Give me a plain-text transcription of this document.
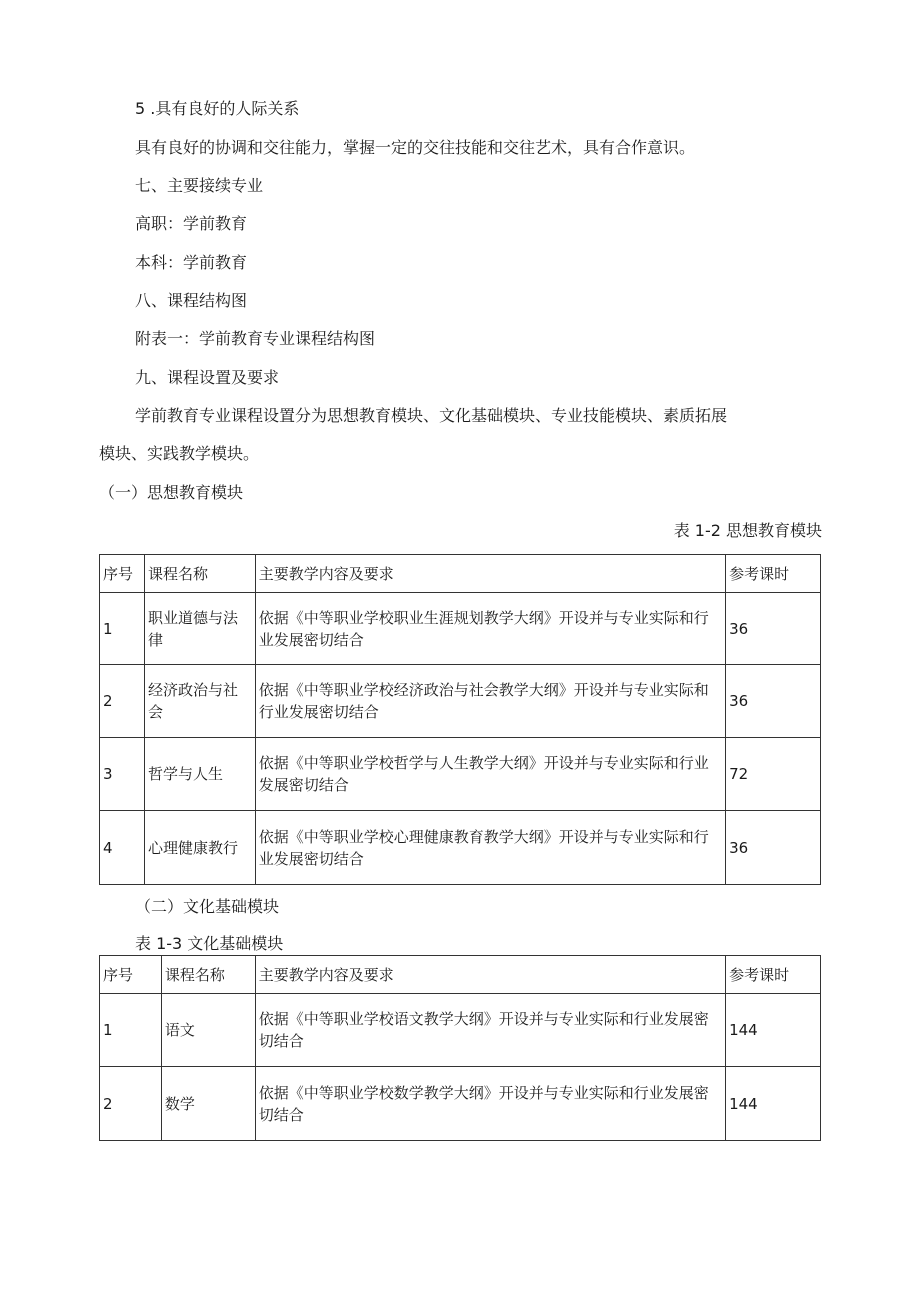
5 .具有良好的人际关系
具有良好的协调和交往能力，掌握一定的交往技能和交往艺术，具有合作意识。
七、主要接续专业
高职：学前教育
本科：学前教育
八、课程结构图
附表一：学前教育专业课程结构图
九、课程设置及要求
学前教育专业课程设置分为思想教育模块、文化基础模块、专业技能模块、素质拓展
模块、实践教学模块。
（一）思想教育模块
表 1-2 思想教育模块
序号	课程名称	主要教学内容及要求	参考课时
1	职业道德与法律	依据《中等职业学校职业生涯规划教学大纲》开设并与专业实际和行业发展密切结合	36
2	经济政治与社会	依据《中等职业学校经济政治与社会教学大纲》开设并与专业实际和行业发展密切结合	36
3	哲学与人生	依据《中等职业学校哲学与人生教学大纲》开设并与专业实际和行业发展密切结合	72
4	心理健康教行	依据《中等职业学校心理健康教育教学大纲》开设并与专业实际和行业发展密切结合	36
（二）文化基础模块
表 1-3 文化基础模块
序号	课程名称	主要教学内容及要求	参考课时
1	语文	依据《中等职业学校语文教学大纲》开设并与专业实际和行业发展密切结合	144
2	数学	依据《中等职业学校数学教学大纲》开设并与专业实际和行业发展密切结合	144
